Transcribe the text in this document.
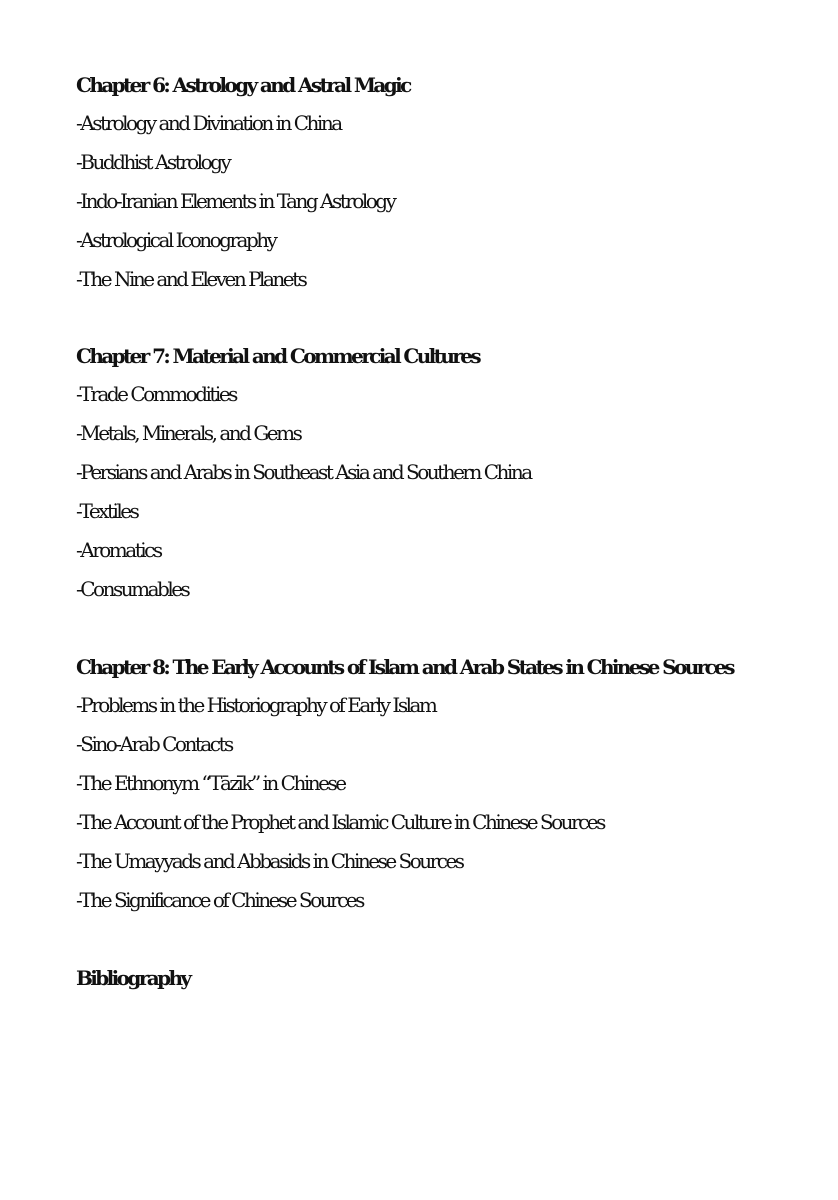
Chapter 6: Astrology and Astral Magic
-Astrology and Divination in China
-Buddhist Astrology
-Indo-Iranian Elements in Tang Astrology
-Astrological Iconography
-The Nine and Eleven Planets
Chapter 7: Material and Commercial Cultures
-Trade Commodities
-Metals, Minerals, and Gems
-Persians and Arabs in Southeast Asia and Southern China
-Textiles
-Aromatics
-Consumables
Chapter 8: The Early Accounts of Islam and Arab States in Chinese Sources
-Problems in the Historiography of Early Islam
-Sino-Arab Contacts
-The Ethnonym “Tāzīk” in Chinese
-The Account of the Prophet and Islamic Culture in Chinese Sources
-The Umayyads and Abbasids in Chinese Sources
-The Significance of Chinese Sources
Bibliography
